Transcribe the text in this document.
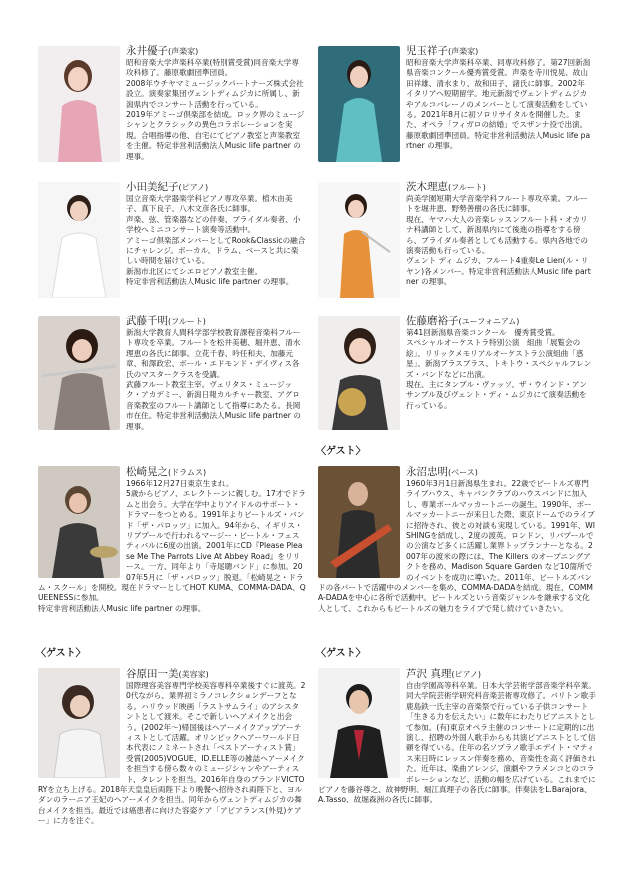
永井優子(声楽家)

昭和音楽大学声楽科卒業(特別賞受賞)同音楽大学専攻科修了。藤原歌劇団準団員。
2008年ウチヤマミュージックパートナーズ株式会社設立。演奏家集団ヴェントディムジカに所属し、新潟県内でコンサート活動を行っている。
2019年アミーゴ倶楽部を結成。ロック界のミュージシャンとクラシックの異色コラボレーションを実現。合唱指導の他、自宅にてピアノ教室と声楽教室を主催。特定非営利活動法人Music life partner の理事。

児玉祥子(声楽家)

昭和音楽大学声楽科卒業、同専攻科修了。第27回新潟県音楽コンクール優秀賞受賞。声楽を寺川悦晃、故山田祥雄、清水まり、故和田子、諸氏に師事。2002年イタリアへ短期留学。地元新潟でヴェントディムジカやアルコバレーノのメンバーとして演奏活動をしている。2021年8月に初ソロリサイタルを開催した。また、オペラ「フィガロの結婚」でスザンナ役で出演。藤原歌劇団準団員。特定非営利活動法人Music life partner の理事。

小田美紀子(ピアノ)

国立音楽大学器楽学科ピアノ専攻卒業。植木由美子、真下良子、八木文彦各氏に師事。
声楽、弦、管楽器などの伴奏、ブライダル奏者、小学校へミニコンサート演奏等活動中。
アミーゴ倶楽部メンバーとしてRook&Classicの融合にチャレンジ。ボーカル、ドラム、ベースと共に楽しい時間を届けている。
新潟市北区にてシエロピアノ教室主催。
特定非営利活動法人Music life partner の理事。

茨木理恵(フルート)

尚美学園短期大学音楽学科フルート専攻卒業。フルートを堀井恵、野勢善樹の各氏に師事。
現在、ヤマハ大人の音楽レッスンフルート科・オカリナ科講師として、新潟県内にて後進の指導をする傍ら、ブライダル奏者としても活動する。県内各地での演奏活動も行っている。
ヴェント ディ ムジカ、フルート4重奏Le Lien(ル・リヤン)各メンバー。特定非営利活動法人Music life partner の理事。

武藤千明(フルート)

新潟大学教育人間科学部学校教育課程音楽科フルート専攻を卒業。フルートを松井美穂、堀井恵、清水理恵の各氏に師事。立花千春、吟任和夫、加藤元章、和澤政宏、ボール・エドモンド・デイヴィス各氏のマスタークラスを受講。
武藤フルート教室主宰。ヴェリタス・ミュージック・アカデミー、新潟日報カルチャー教室、アグロ音楽教室のフルート講師として指導にあたる。長岡市在住。特定非営利活動法人Music life partner の理事。

佐藤磨裕子(ユーフォニアム)

第41回新潟県音楽コンクール　優秀賞受賞。
スペシャルオーケストラ特別公演　組曲「展覧会の絵」、リリックメモリアルオーケストラ公演組曲「惑星」、新潟ブラスブラス、トキトウ・スペシャルフレンズ・バンドなどに出演。
現在、主にタンブル・ヴァッソ、ザ・ウインド・アンサンブル及びヴェント・ディ・ムジカにて演奏活動を行っている。

松崎晃之(ドラムス)
1966年12月27日東京生まれ。
5歳からピアノ、エレクトーンに親しむ。17才でドラムと出会う。大学在学中よりアイドルのサポート・ドラマーをつとめる。1991年よりビートルズ・バンド「ザ・パロッツ」に加入。94年から、イギリス・リブプールで行われるマージー・ビートル・フェスティバルに6度の出演。2001年にCD『Please Please Me The Parrots Live At Abbey Road』をリリース。一方、同年より「寺尾聰バンド」に参加。2007年5月に「ザ・パロッツ」脱退。「松崎晃之・ドラム・スクール」を開校。現在ドラマーとしてHOT KUMA、COMMA-DADA、QUEENESSに参加。
特定非営利活動法人Music life partner の理事。
〈ゲスト〉
永沼忠明(ベース)
1960年3月1日新潟県生まれ。22歳でビートルズ専門ライブハウス、キャバンクラブのハウスバンドに加入し、専業ポールマッカートニーの誕生。1990年、ポールマッカートニーが来日した際、東京ドームでのライブに招待され、彼との対談も実現している。1991年、WISHINGを結成し、2度の渡英。ロンドン、リバプールでの公演など多くに活躍し業界トップランナーとなる。2007年の渡米の際には、The Killers のオープニングアクトを務め、Madison Square Garden など10箇所でのイベントを成功に導いた。2011年、ビートルズバンドの各パートで活躍中のメンバーを集め、COMMA-DADAを結成。現在、COMMA-DADAを中心に各所で活動中。ビートルズという音楽ジャンルを継承する文化人として、これからもビートルズの魅力をライブで発し続けていきたい。
〈ゲスト〉
谷原田一美(美容家)
国際理容美容専門学校美容専科卒業後すぐに渡英。20代ながら、業界初ミラノコレクションデーフとなる。ハリウッド映画「ラストサムライ」のアシスタントとして渡米。そこで新しいヘアメイクと出会う。(2002年～)帰国後はヘアーメイクアップアーティストとして活躍。オリンピックヘアーワールド日本代表にノミネートされ「ベストアーティスト賞」受賞(2005)VOGUE、ID.ELLE等の雑誌ヘアーメイクを担当する傍ら数々のミュージシャンやアーティスト、タレントを担当。2016年自身のブランドVICTORYを立ち上げる。2018年天皇皇后両陛下より晩餐へ招待され両陛下と、ヨルダンのラーニア王妃のヘアーメイクを担当。同年からヴェントディムジカの舞台メイクを担当。最近では癌患者に向けた容姿ケア「アピアランス(外見)ケアー」に力を注ぐ。
〈ゲスト〉
芦沢 真理(ピアノ)
自由学園高等科卒業。日本大学芸術学部音楽学科卒業。同大学院芸術学研究科音楽芸術専攻修了。バリトン歌手鹿島鉄一氏主宰の音楽祭で行っている子供コンサート「生きる力を伝えたい」に数年にわたりピアニストとして参加。(有)東京オペラ主催のコンサートに定期的に出演し、招聘の外国人歌手からも共演ピアニストとして信頼を得ている。住年の名ソプラノ歌手エデイト・マティス来日時にレッスン伴奏を務め、音楽性を高く評価された。近年は、楽曲アレンジ、演劇やフラメンコとのコラボレーションなど、活動の幅を広げている。これまでにピアノを藤谷尊之、故神野明、堀江真理子の各氏に師事。伴奏法をL.Barajora、A.Tasso、故堀森洲の各氏に師事。
